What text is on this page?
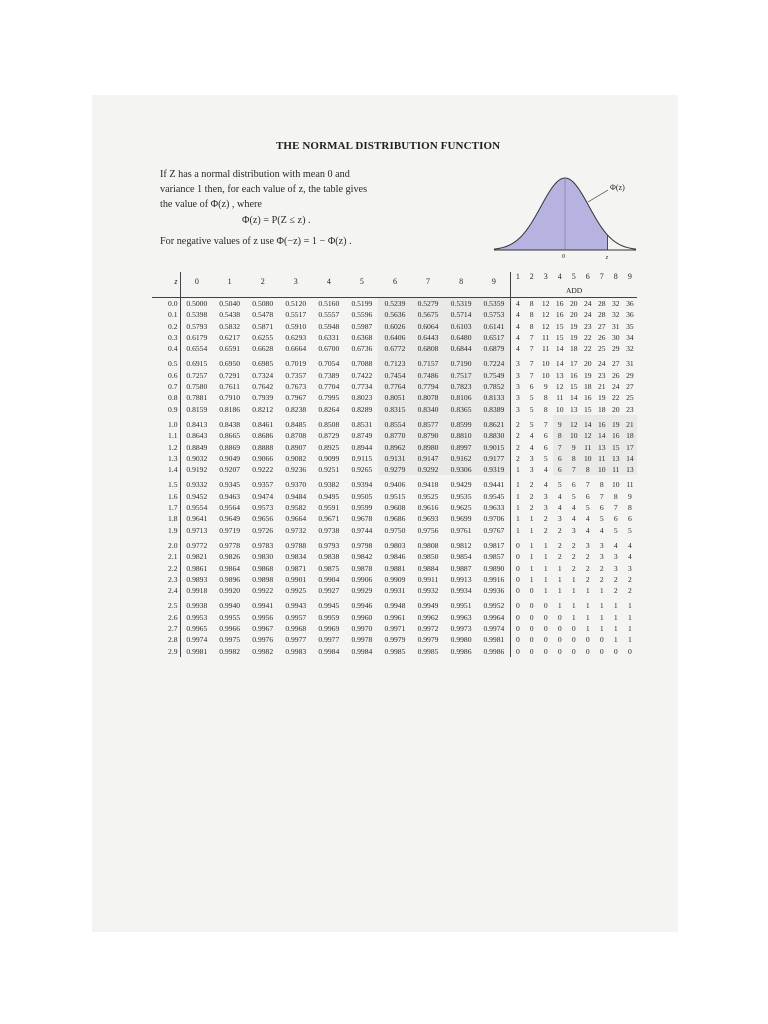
THE NORMAL DISTRIBUTION FUNCTION
If Z has a normal distribution with mean 0 and
variance 1 then, for each value of z, the table gives
the value of Φ(z) , where
Φ(z) = P(Z ≤ z) .
For negative values of z use Φ(−z) = 1 − Φ(z) .
Φ(z)
0	z
z	0	1	2	3	4	5	6	7	8	9	1	2	3	4	5	6	7	8	9
											ADD								
0.0	0.5000	0.5040	0.5080	0.5120	0.5160	0.5199	0.5239	0.5279	0.5319	0.5359	4	8	12	16	20	24	28	32	36
0.1	0.5398	0.5438	0.5478	0.5517	0.5557	0.5596	0.5636	0.5675	0.5714	0.5753	4	8	12	16	20	24	28	32	36
0.2	0.5793	0.5832	0.5871	0.5910	0.5948	0.5987	0.6026	0.6064	0.6103	0.6141	4	8	12	15	19	23	27	31	35
0.3	0.6179	0.6217	0.6255	0.6293	0.6331	0.6368	0.6406	0.6443	0.6480	0.6517	4	7	11	15	19	22	26	30	34
0.4	0.6554	0.6591	0.6628	0.6664	0.6700	0.6736	0.6772	0.6808	0.6844	0.6879	4	7	11	14	18	22	25	29	32
0.5	0.6915	0.6950	0.6985	0.7019	0.7054	0.7088	0.7123	0.7157	0.7190	0.7224	3	7	10	14	17	20	24	27	31
0.6	0.7257	0.7291	0.7324	0.7357	0.7389	0.7422	0.7454	0.7486	0.7517	0.7549	3	7	10	13	16	19	23	26	29
0.7	0.7580	0.7611	0.7642	0.7673	0.7704	0.7734	0.7764	0.7794	0.7823	0.7852	3	6	9	12	15	18	21	24	27
0.8	0.7881	0.7910	0.7939	0.7967	0.7995	0.8023	0.8051	0.8078	0.8106	0.8133	3	5	8	11	14	16	19	22	25
0.9	0.8159	0.8186	0.8212	0.8238	0.8264	0.8289	0.8315	0.8340	0.8365	0.8389	3	5	8	10	13	15	18	20	23
1.0	0.8413	0.8438	0.8461	0.8485	0.8508	0.8531	0.8554	0.8577	0.8599	0.8621	2	5	7	9	12	14	16	19	21
1.1	0.8643	0.8665	0.8686	0.8708	0.8729	0.8749	0.8770	0.8790	0.8810	0.8830	2	4	6	8	10	12	14	16	18
1.2	0.8849	0.8869	0.8888	0.8907	0.8925	0.8944	0.8962	0.8980	0.8997	0.9015	2	4	6	7	9	11	13	15	17
1.3	0.9032	0.9049	0.9066	0.9082	0.9099	0.9115	0.9131	0.9147	0.9162	0.9177	2	3	5	6	8	10	11	13	14
1.4	0.9192	0.9207	0.9222	0.9236	0.9251	0.9265	0.9279	0.9292	0.9306	0.9319	1	3	4	6	7	8	10	11	13
1.5	0.9332	0.9345	0.9357	0.9370	0.9382	0.9394	0.9406	0.9418	0.9429	0.9441	1	2	4	5	6	7	8	10	11
1.6	0.9452	0.9463	0.9474	0.9484	0.9495	0.9505	0.9515	0.9525	0.9535	0.9545	1	2	3	4	5	6	7	8	9
1.7	0.9554	0.9564	0.9573	0.9582	0.9591	0.9599	0.9608	0.9616	0.9625	0.9633	1	2	3	4	4	5	6	7	8
1.8	0.9641	0.9649	0.9656	0.9664	0.9671	0.9678	0.9686	0.9693	0.9699	0.9706	1	1	2	3	4	4	5	6	6
1.9	0.9713	0.9719	0.9726	0.9732	0.9738	0.9744	0.9750	0.9756	0.9761	0.9767	1	1	2	2	3	4	4	5	5
2.0	0.9772	0.9778	0.9783	0.9788	0.9793	0.9798	0.9803	0.9808	0.9812	0.9817	0	1	1	2	2	3	3	4	4
2.1	0.9821	0.9826	0.9830	0.9834	0.9838	0.9842	0.9846	0.9850	0.9854	0.9857	0	1	1	2	2	2	3	3	4
2.2	0.9861	0.9864	0.9868	0.9871	0.9875	0.9878	0.9881	0.9884	0.9887	0.9890	0	1	1	1	2	2	2	3	3
2.3	0.9893	0.9896	0.9898	0.9901	0.9904	0.9906	0.9909	0.9911	0.9913	0.9916	0	1	1	1	1	2	2	2	2
2.4	0.9918	0.9920	0.9922	0.9925	0.9927	0.9929	0.9931	0.9932	0.9934	0.9936	0	0	1	1	1	1	1	2	2
2.5	0.9938	0.9940	0.9941	0.9943	0.9945	0.9946	0.9948	0.9949	0.9951	0.9952	0	0	0	1	1	1	1	1	1
2.6	0.9953	0.9955	0.9956	0.9957	0.9959	0.9960	0.9961	0.9962	0.9963	0.9964	0	0	0	0	1	1	1	1	1
2.7	0.9965	0.9966	0.9967	0.9968	0.9969	0.9970	0.9971	0.9972	0.9973	0.9974	0	0	0	0	0	1	1	1	1
2.8	0.9974	0.9975	0.9976	0.9977	0.9977	0.9978	0.9979	0.9979	0.9980	0.9981	0	0	0	0	0	0	0	1	1
2.9	0.9981	0.9982	0.9982	0.9983	0.9984	0.9984	0.9985	0.9985	0.9986	0.9986	0	0	0	0	0	0	0	0	0
